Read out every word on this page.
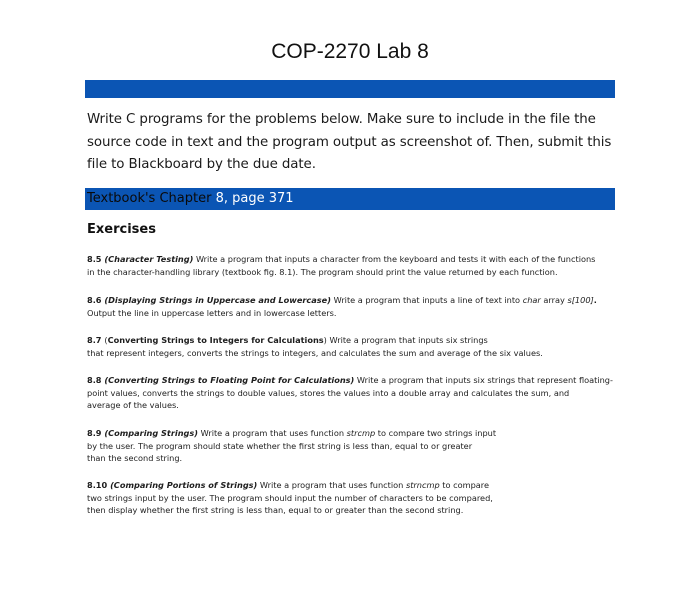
COP-2270 Lab 8
Write C programs for the problems below. Make sure to include in the file the
source code in text and the program output as screenshot of. Then, submit this
file to Blackboard by the due date.
Textbook's Chapter 8, page 371
Exercises
8.5 (Character Testing) Write a program that inputs a character from the keyboard and tests it with each of the functions
in the character-handling library (textbook fig. 8.1). The program should print the value returned by each function.
8.6 (Displaying Strings in Uppercase and Lowercase) Write a program that inputs a line of text into char array s[100].
Output the line in uppercase letters and in lowercase letters.
8.7 (Converting Strings to Integers for Calculations) Write a program that inputs six strings
that represent integers, converts the strings to integers, and calculates the sum and average of the six values.
8.8 (Converting Strings to Floating Point for Calculations) Write a program that inputs six strings that represent floating-
point values, converts the strings to double values, stores the values into a double array and calculates the sum, and
average of the values.
8.9 (Comparing Strings) Write a program that uses function strcmp to compare two strings input
by the user. The program should state whether the first string is less than, equal to or greater
than the second string.
8.10 (Comparing Portions of Strings) Write a program that uses function strncmp to compare
two strings input by the user. The program should input the number of characters to be compared,
then display whether the first string is less than, equal to or greater than the second string.
